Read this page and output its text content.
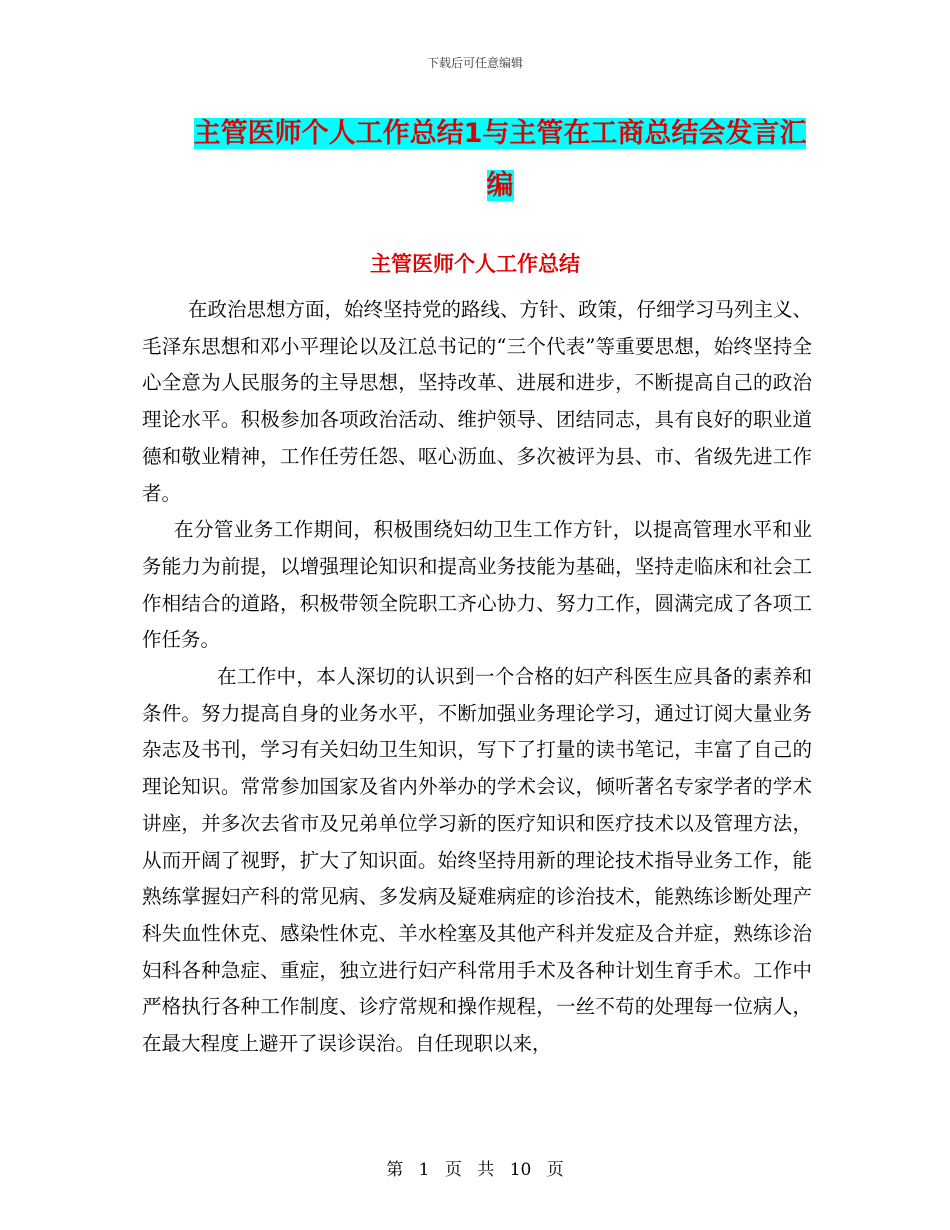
下载后可任意编辑
主管医师个人工作总结1与主管在工商总结会发言汇编
主管医师个人工作总结

在政治思想方面，始终坚持党的路线、方针、政策，仔细学习马列主义、毛泽东思想和邓小平理论以及江总书记的“三个代表”等重要思想，始终坚持全心全意为人民服务的主导思想，坚持改革、进展和进步，不断提高自己的政治理论水平。积极参加各项政治活动、维护领导、团结同志，具有良好的职业道德和敬业精神，工作任劳任怨、呕心沥血、多次被评为县、市、省级先进工作者。

在分管业务工作期间，积极围绕妇幼卫生工作方针，以提高管理水平和业务能力为前提，以增强理论知识和提高业务技能为基础，坚持走临床和社会工作相结合的道路，积极带领全院职工齐心协力、努力工作，圆满完成了各项工作任务。

在工作中，本人深切的认识到一个合格的妇产科医生应具备的素养和条件。努力提高自身的业务水平，不断加强业务理论学习，通过订阅大量业务杂志及书刊，学习有关妇幼卫生知识，写下了打量的读书笔记，丰富了自己的理论知识。常常参加国家及省内外举办的学术会议，倾听著名专家学者的学术讲座，并多次去省市及兄弟单位学习新的医疗知识和医疗技术以及管理方法，从而开阔了视野，扩大了知识面。始终坚持用新的理论技术指导业务工作，能熟练掌握妇产科的常见病、多发病及疑难病症的诊治技术，能熟练诊断处理产科失血性休克、感染性休克、羊水栓塞及其他产科并发症及合并症，熟练诊治妇科各种急症、重症，独立进行妇产科常用手术及各种计划生育手术。工作中严格执行各种工作制度、诊疗常规和操作规程，一丝不苟的处理每一位病人，在最大程度上避开了误诊误治。自任现职以来，

第 1 页 共 10 页
